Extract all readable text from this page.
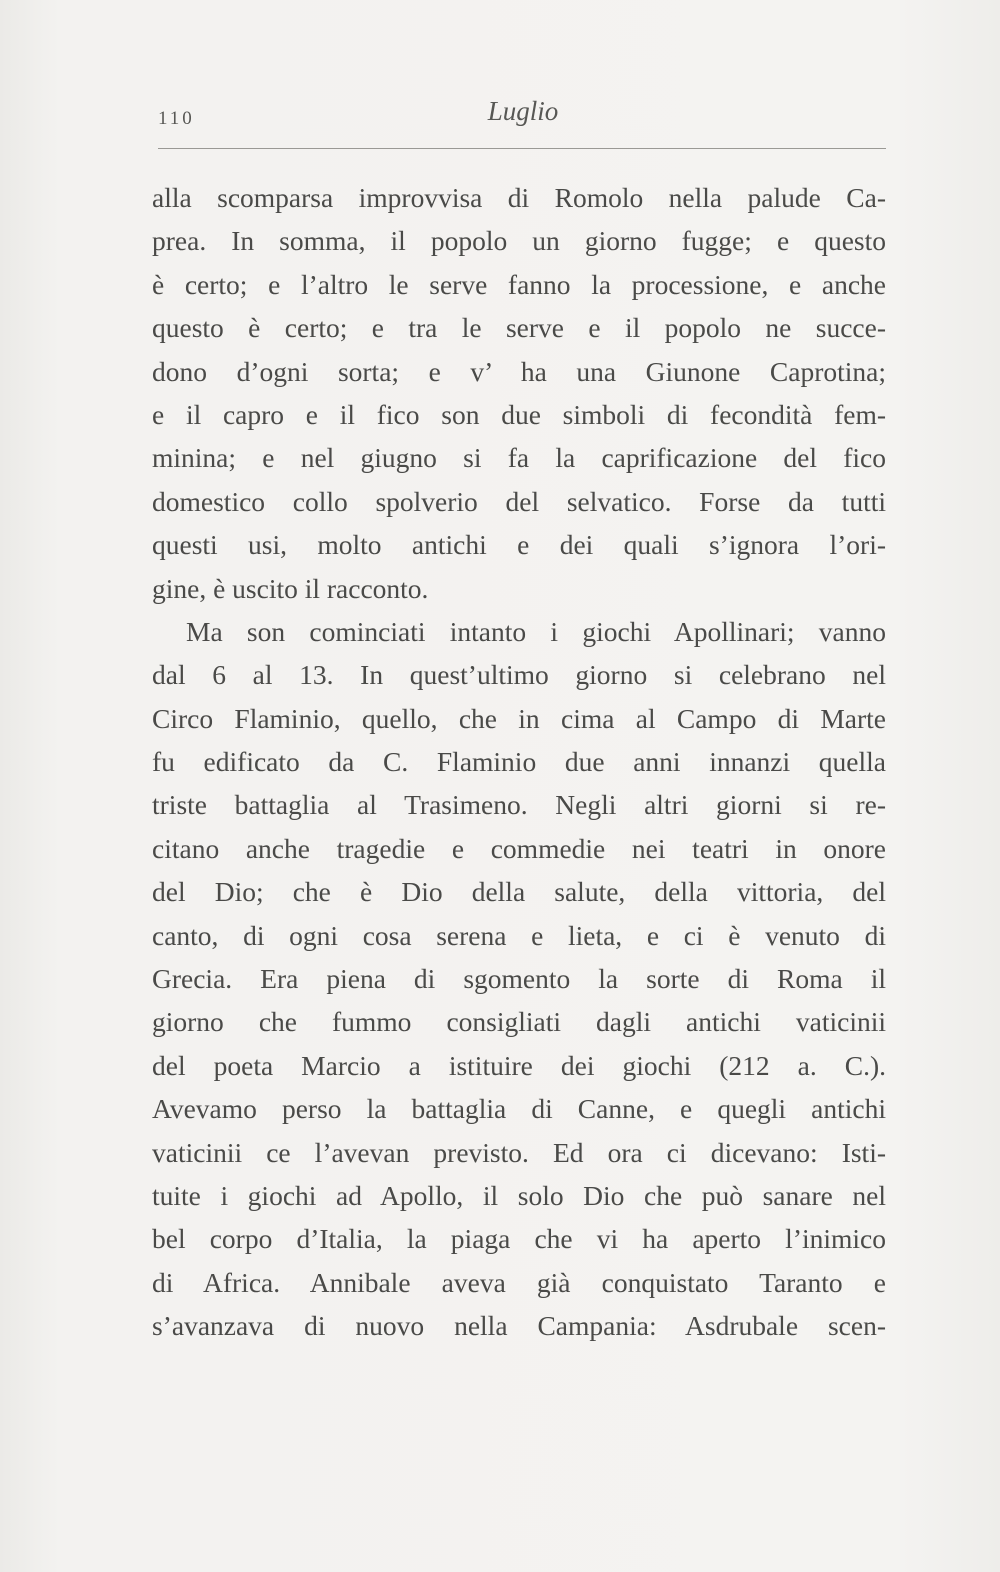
110	Luglio
alla scomparsa improvvisa di Romolo nella palude Ca-
prea. In somma, il popolo un giorno fugge; e questo
è certo; e l’altro le serve fanno la processione, e anche
questo è certo; e tra le serve e il popolo ne succe-
dono d’ogni sorta; e v’ ha una Giunone Caprotina;
e il capro e il fico son due simboli di fecondità fem-
minina; e nel giugno si fa la caprificazione del fico
domestico collo spolverio del selvatico. Forse da tutti
questi usi, molto antichi e dei quali s’ignora l’ori-
gine, è uscito il racconto.
Ma son cominciati intanto i giochi Apollinari; vanno
dal 6 al 13. In quest’ultimo giorno si celebrano nel
Circo Flaminio, quello, che in cima al Campo di Marte
fu edificato da C. Flaminio due anni innanzi quella
triste battaglia al Trasimeno. Negli altri giorni si re-
citano anche tragedie e commedie nei teatri in onore
del Dio; che è Dio della salute, della vittoria, del
canto, di ogni cosa serena e lieta, e ci è venuto di
Grecia. Era piena di sgomento la sorte di Roma il
giorno che fummo consigliati dagli antichi vaticinii
del poeta Marcio a istituire dei giochi (212 a. C.).
Avevamo perso la battaglia di Canne, e quegli antichi
vaticinii ce l’avevan previsto. Ed ora ci dicevano: Isti-
tuite i giochi ad Apollo, il solo Dio che può sanare nel
bel corpo d’Italia, la piaga che vi ha aperto l’inimico
di Africa. Annibale aveva già conquistato Taranto e
s’avanzava di nuovo nella Campania: Asdrubale scen-
